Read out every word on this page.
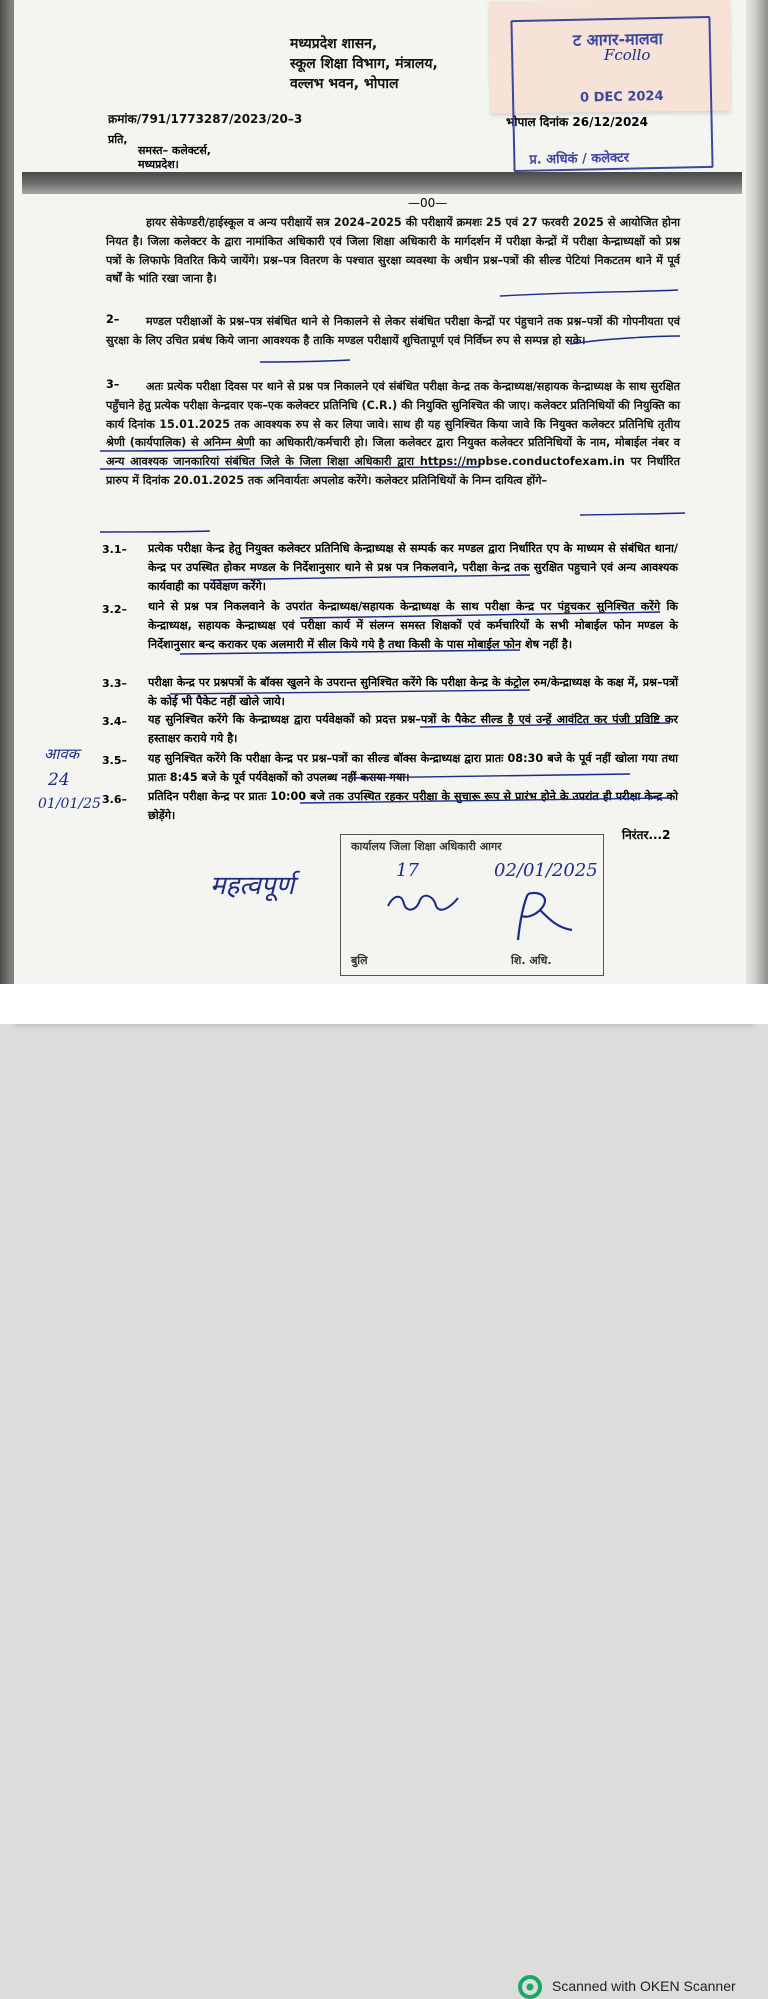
मध्यप्रदेश शासन,
स्कूल शिक्षा विभाग, मंत्रालय,
वल्लभ भवन, भोपाल
क्रमांक/791/1773287/2023/20–3	भोपाल दिनांक 26/12/2024
प्रति,
समस्त– कलेक्टर्स,
मध्यप्रदेश।
ट आगर-मालवा
0 DEC 2024
प्र. अधिकं / कलेक्टर
—00—
हायर सेकेण्डरी/हाईस्कूल व अन्य परीक्षायें सत्र 2024–2025 की परीक्षायें क्रमशः 25 एवं 27 फरवरी 2025 से आयोजित होना नियत है। जिला कलेक्टर के द्वारा नामांकित अधिकारी एवं जिला शिक्षा अधिकारी के मार्गदर्शन में परीक्षा केन्द्रों में परीक्षा केन्द्राध्यक्षों को प्रश्न पत्रों के लिफाफे वितरित किये जायेंगे। प्रश्न–पत्र वितरण के पश्चात सुरक्षा व्यवस्था के अधीन प्रश्न–पत्रों की सील्ड पेटियां निकटतम थाने में पूर्व वर्षों के भांति रखा जाना है।
2–	मण्डल परीक्षाओं के प्रश्न–पत्र संबंधित थाने से निकालने से लेकर संबंधित परीक्षा केन्द्रों पर पंहुचाने तक प्रश्न–पत्रों की गोपनीयता एवं सुरक्षा के लिए उचित प्रबंध किये जाना आवश्यक है ताकि मण्डल परीक्षायें शुचितापूर्ण एवं निर्विघ्न रुप से सम्पन्न हो सके।
3–	अतः प्रत्येक परीक्षा दिवस पर थाने से प्रश्न पत्र निकालने एवं संबंधित परीक्षा केन्द्र तक केन्द्राध्यक्ष/सहायक केन्द्राध्यक्ष के साथ सुरक्षित पहुँचाने हेतु प्रत्येक परीक्षा केन्द्रवार एक–एक कलेक्टर प्रतिनिधि (C.R.) की नियुक्ति सुनिश्चित की जाए। कलेक्टर प्रतिनिधियों की नियुक्ति का कार्य दिनांक 15.01.2025 तक आवश्यक रुप से कर लिया जावे। साथ ही यह सुनिश्चित किया जावे कि नियुक्त कलेक्टर प्रतिनिधि तृतीय श्रेणी (कार्यपालिक) से अनिम्न श्रेणी का अधिकारी/कर्मचारी हो। जिला कलेक्टर द्वारा नियुक्त कलेक्टर प्रतिनिधियों के नाम, मोबाईल नंबर व अन्य आवश्यक जानकारियां संबंधित जिले के जिला शिक्षा अधिकारी द्वारा https://mpbse.conductofexam.in पर निर्धारित प्रारुप में दिनांक 20.01.2025 तक अनिवार्यतः अपलोड करेंगे। कलेक्टर प्रतिनिधियों के निम्न दायित्व होंगे–
3.1– प्रत्येक परीक्षा केन्द्र हेतु नियुक्त कलेक्टर प्रतिनिधि केन्द्राध्यक्ष से सम्पर्क कर मण्डल द्वारा निर्धारित एप के माध्यम से संबंधित थाना/केन्द्र पर उपस्थित होकर मण्डल के निर्देशानुसार थाने से प्रश्न पत्र निकलवाने, परीक्षा केन्द्र तक सुरक्षित पहुचाने एवं अन्य आवश्यक कार्यवाही का पर्यवेक्षण करेंगे।
3.2– थाने से प्रश्न पत्र निकलवाने के उपरांत केन्द्राध्यक्ष/सहायक केन्द्राध्यक्ष के साथ परीक्षा केन्द्र पर पंहुचकर सुनिश्चित करेंगे कि केन्द्राध्यक्ष, सहायक केन्द्राध्यक्ष एवं परीक्षा कार्य में संलग्न समस्त शिक्षकों एवं कर्मचारियों के सभी मोबाईल फोन मण्डल के निर्देशानुसार बन्द कराकर एक अलमारी में सील किये गये है तथा किसी के पास मोबाईल फोन शेष नहीं है।
3.3– परीक्षा केन्द्र पर प्रश्नपत्रों के बॉक्स खुलने के उपरान्त सुनिश्चित करेंगे कि परीक्षा केन्द्र के कंट्रोल रुम/केन्द्राध्यक्ष के कक्ष में, प्रश्न–पत्रों के कोई भी पैकेट नहीं खोले जाये।
3.4– यह सुनिश्चित करेंगे कि केन्द्राध्यक्ष द्वारा पर्यवेक्षकों को प्रदत्त प्रश्न–पत्रों के पैकेट सील्ड है एवं उन्हें आवंटित कर पंजी प्रविष्टि कर हस्ताक्षर कराये गये है।
3.5– यह सुनिश्चित करेंगे कि परीक्षा केन्द्र पर प्रश्न–पत्रों का सील्ड बॉक्स केन्द्राध्यक्ष द्वारा प्रातः 08:30 बजे के पूर्व नहीं खोला गया तथा प्रातः 8:45 बजे के पूर्व पर्यवेक्षकों को उपलब्ध नहीं कराया गया।
3.6– प्रतिदिन परीक्षा केन्द्र पर प्रातः 10:00 बजे तक उपस्थित रहकर परीक्षा के सुचारू रूप से प्रारंभ होने के उपरांत ही परीक्षा केन्द्र को छोड़ेंगे।
निरंतर...2
कार्यालय जिला शिक्षा अधिकारी आगर
बुलि	शि. अधि.
आवक
24
01/01/25
महत्वपूर्ण
17	02/01/2025
Fcollo
Scanned with OKEN Scanner
